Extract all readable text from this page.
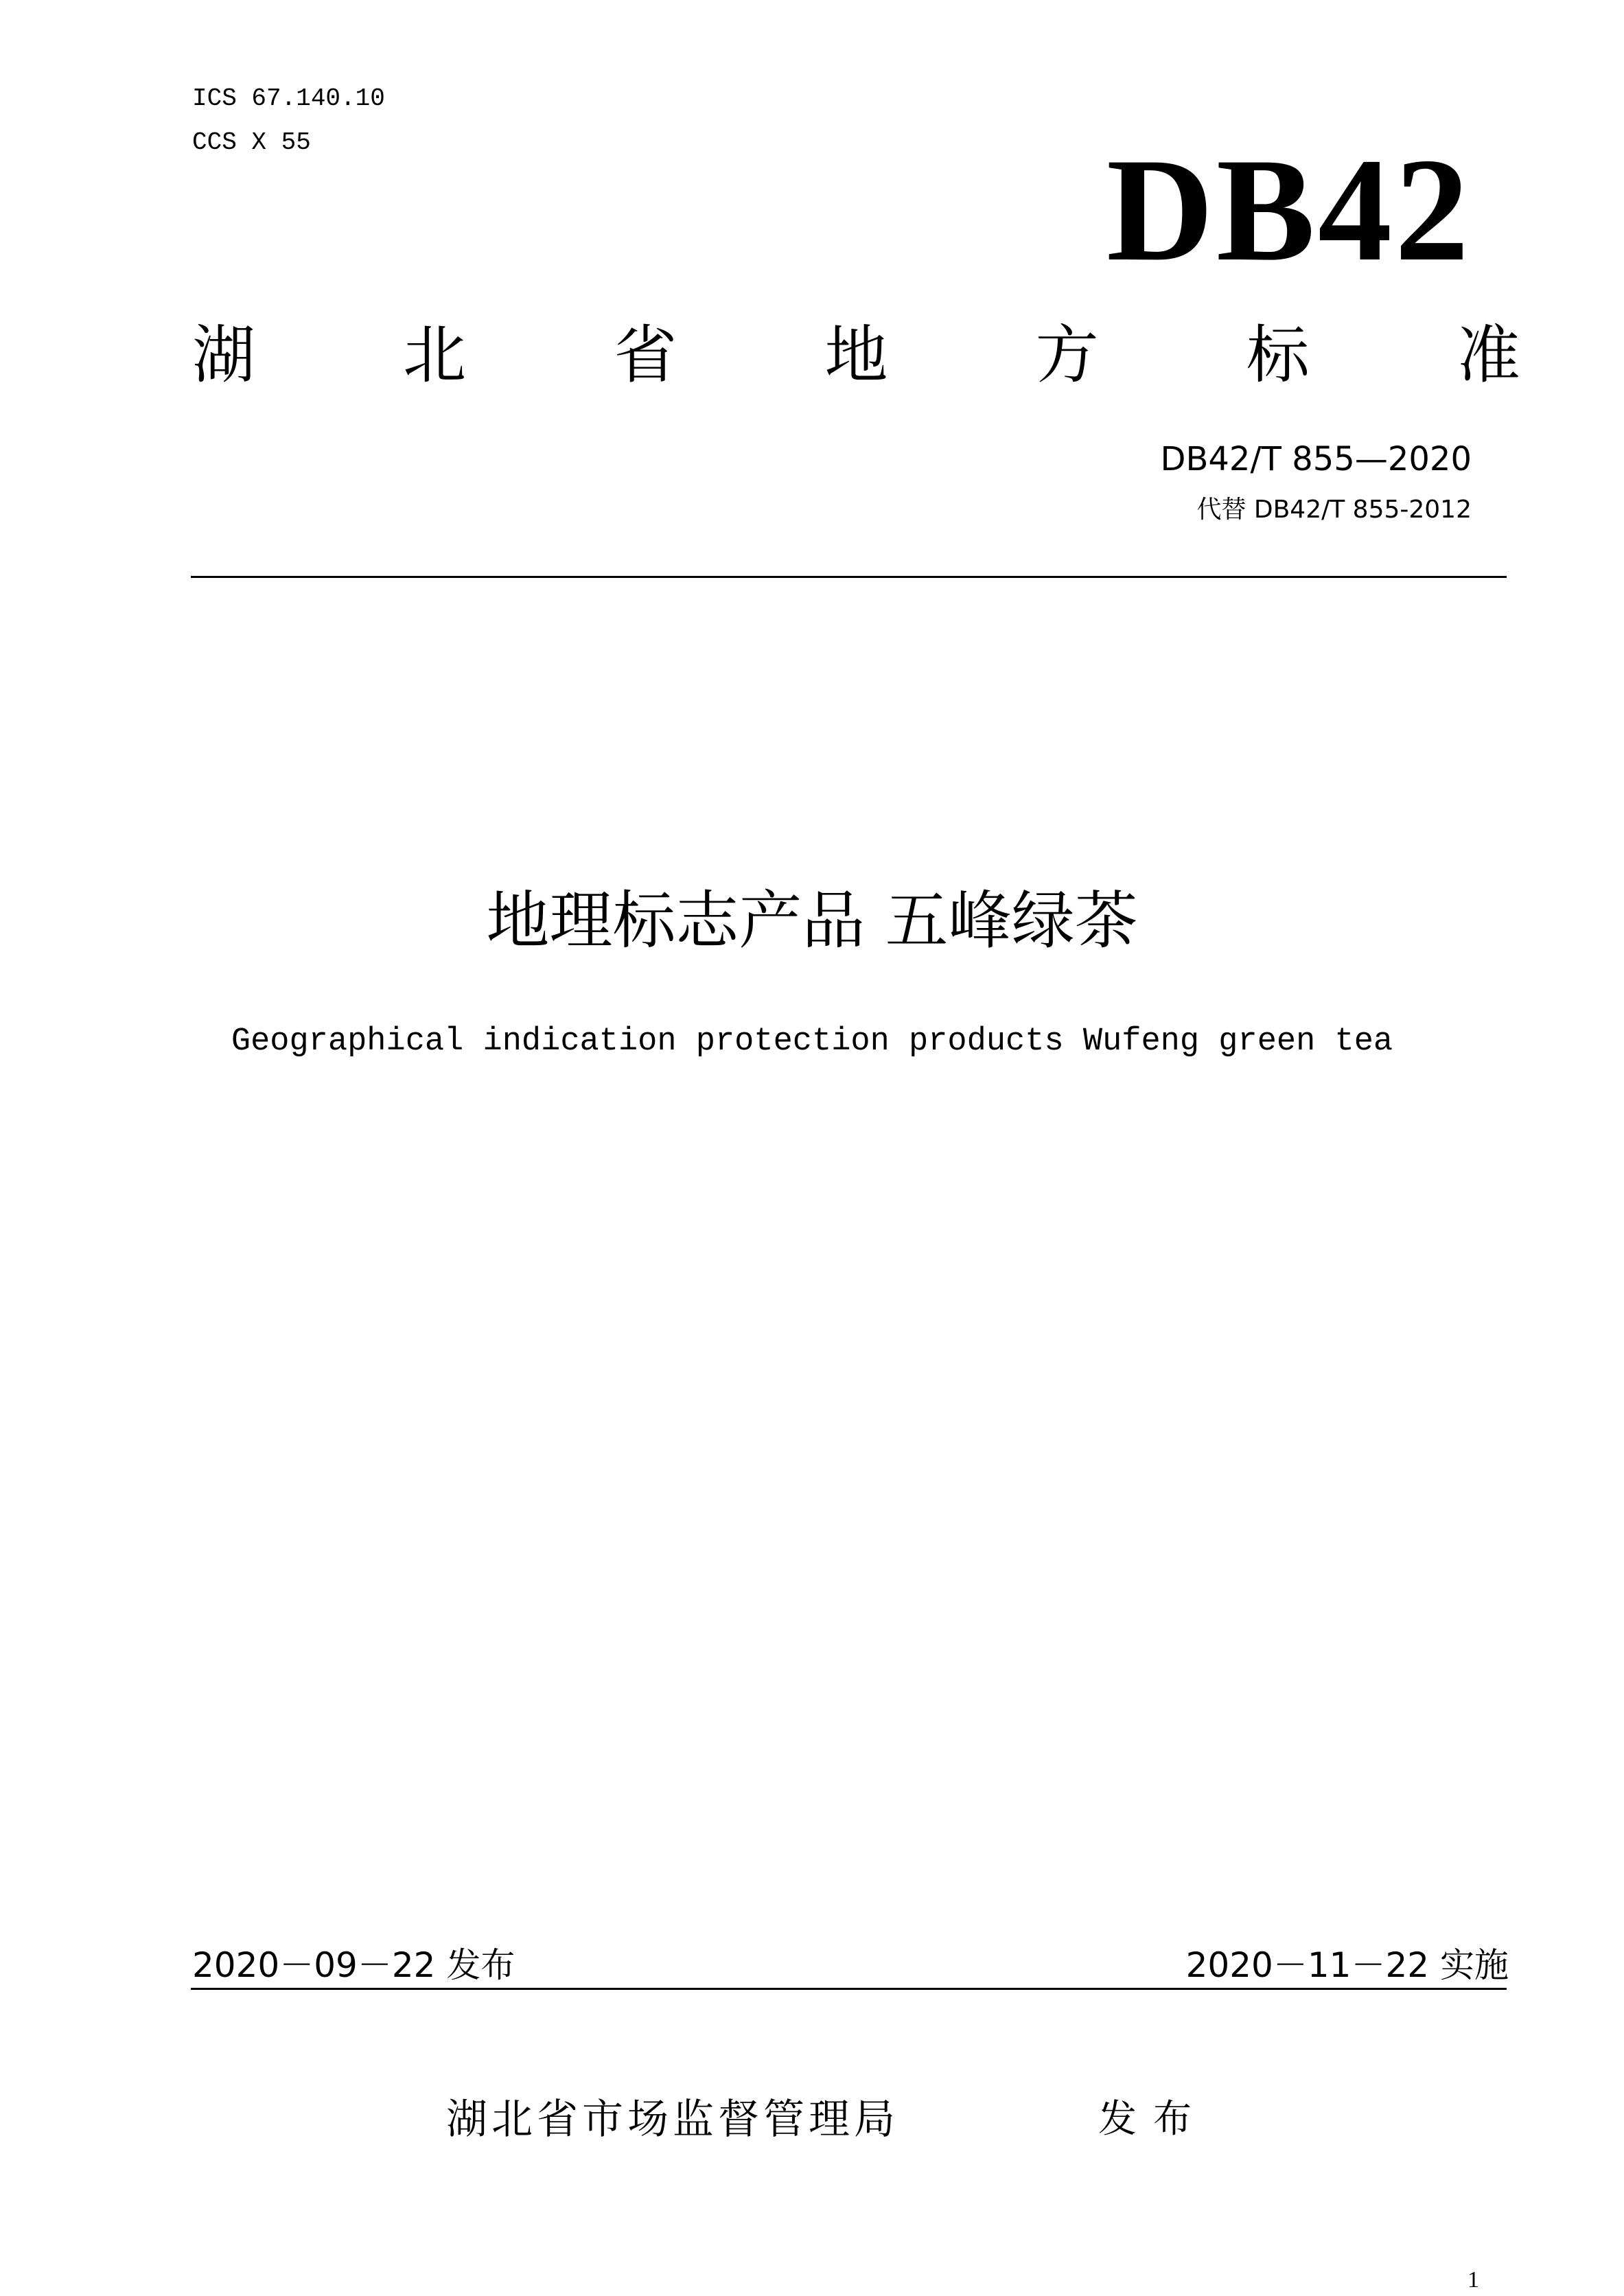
ICS 67.140.10
CCS X 55	DB42
湖 北 省 地 方 标 准
DB42/T 855—2020
代替 DB42/T 855-2012
地理标志产品 五峰绿茶
Geographical indication protection products Wufeng green tea
2020－09－22 发布	2020－11－22 实施
湖北省市场监督管理局	发布
1
